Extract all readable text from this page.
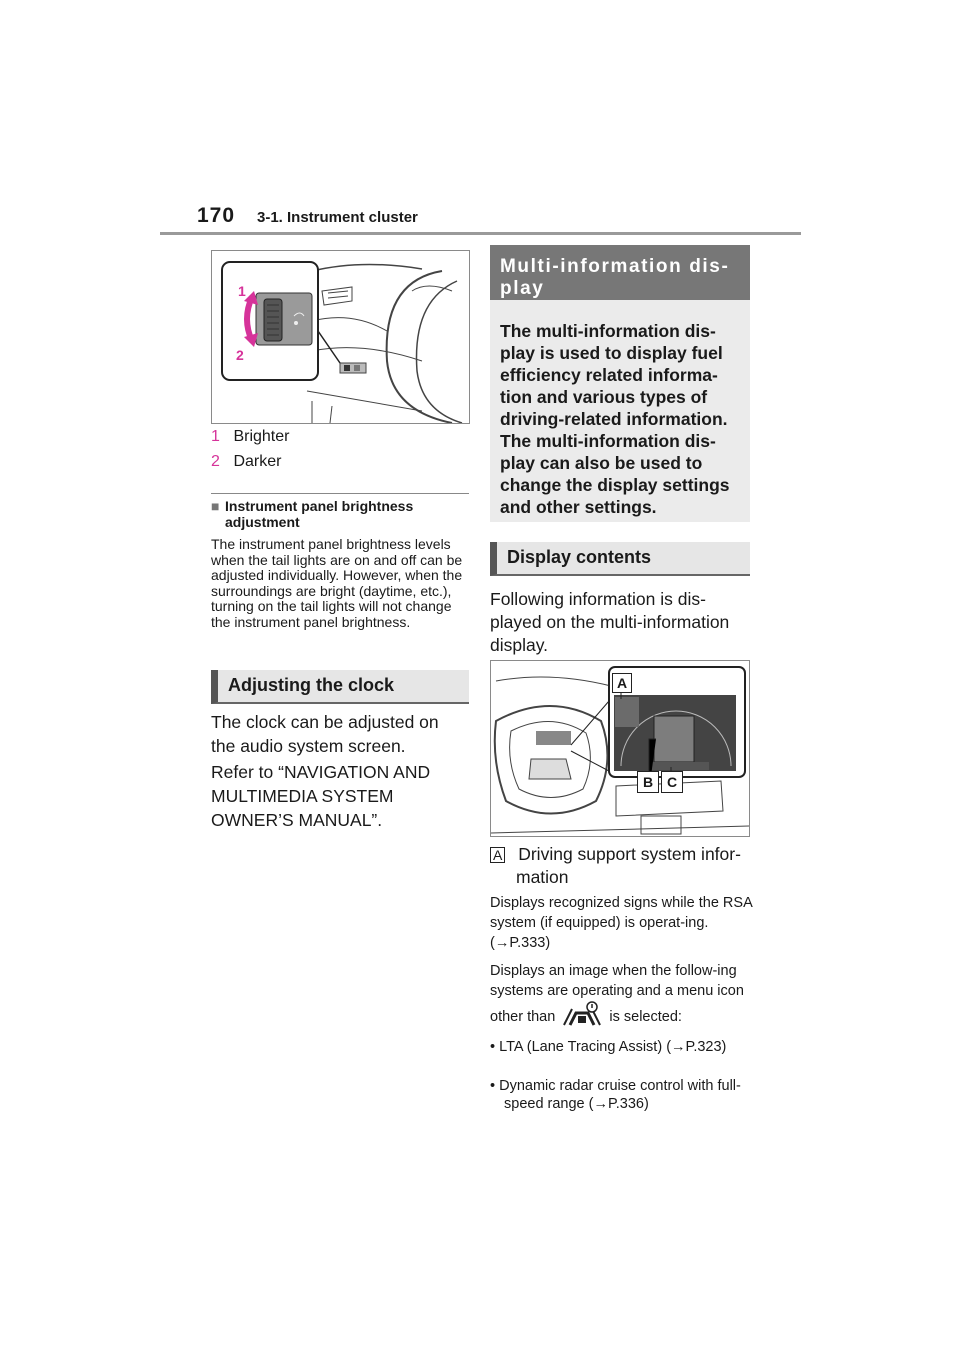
170 3-1. Instrument cluster
1
2
1 Brighter
2 Darker
■ Instrument panel brightness adjustment
The instrument panel brightness levels when the tail lights are on and off can be adjusted individually. However, when the surroundings are bright (daytime, etc.), turning on the tail lights will not change the instrument panel brightness.
Adjusting the clock
The clock can be adjusted on the audio system screen.
Refer to “NAVIGATION AND MULTIMEDIA SYSTEM OWNER’S MANUAL”.
Multi-information dis-
play
The multi-information dis-play is used to display fuel efficiency related informa-tion and various types of driving-related information. The multi-information dis-play can also be used to change the display settings and other settings.
Display contents
Following information is dis-played on the multi-information display.
A
B C
A Driving support system infor-
mation
Displays recognized signs while the RSA system (if equipped) is operat-ing. (→P.333)
Displays an image when the follow-ing systems are operating and a menu icon other than	is selected:
• LTA (Lane Tracing Assist) (→P.323)
• Dynamic radar cruise control with full-speed range (→P.336)
